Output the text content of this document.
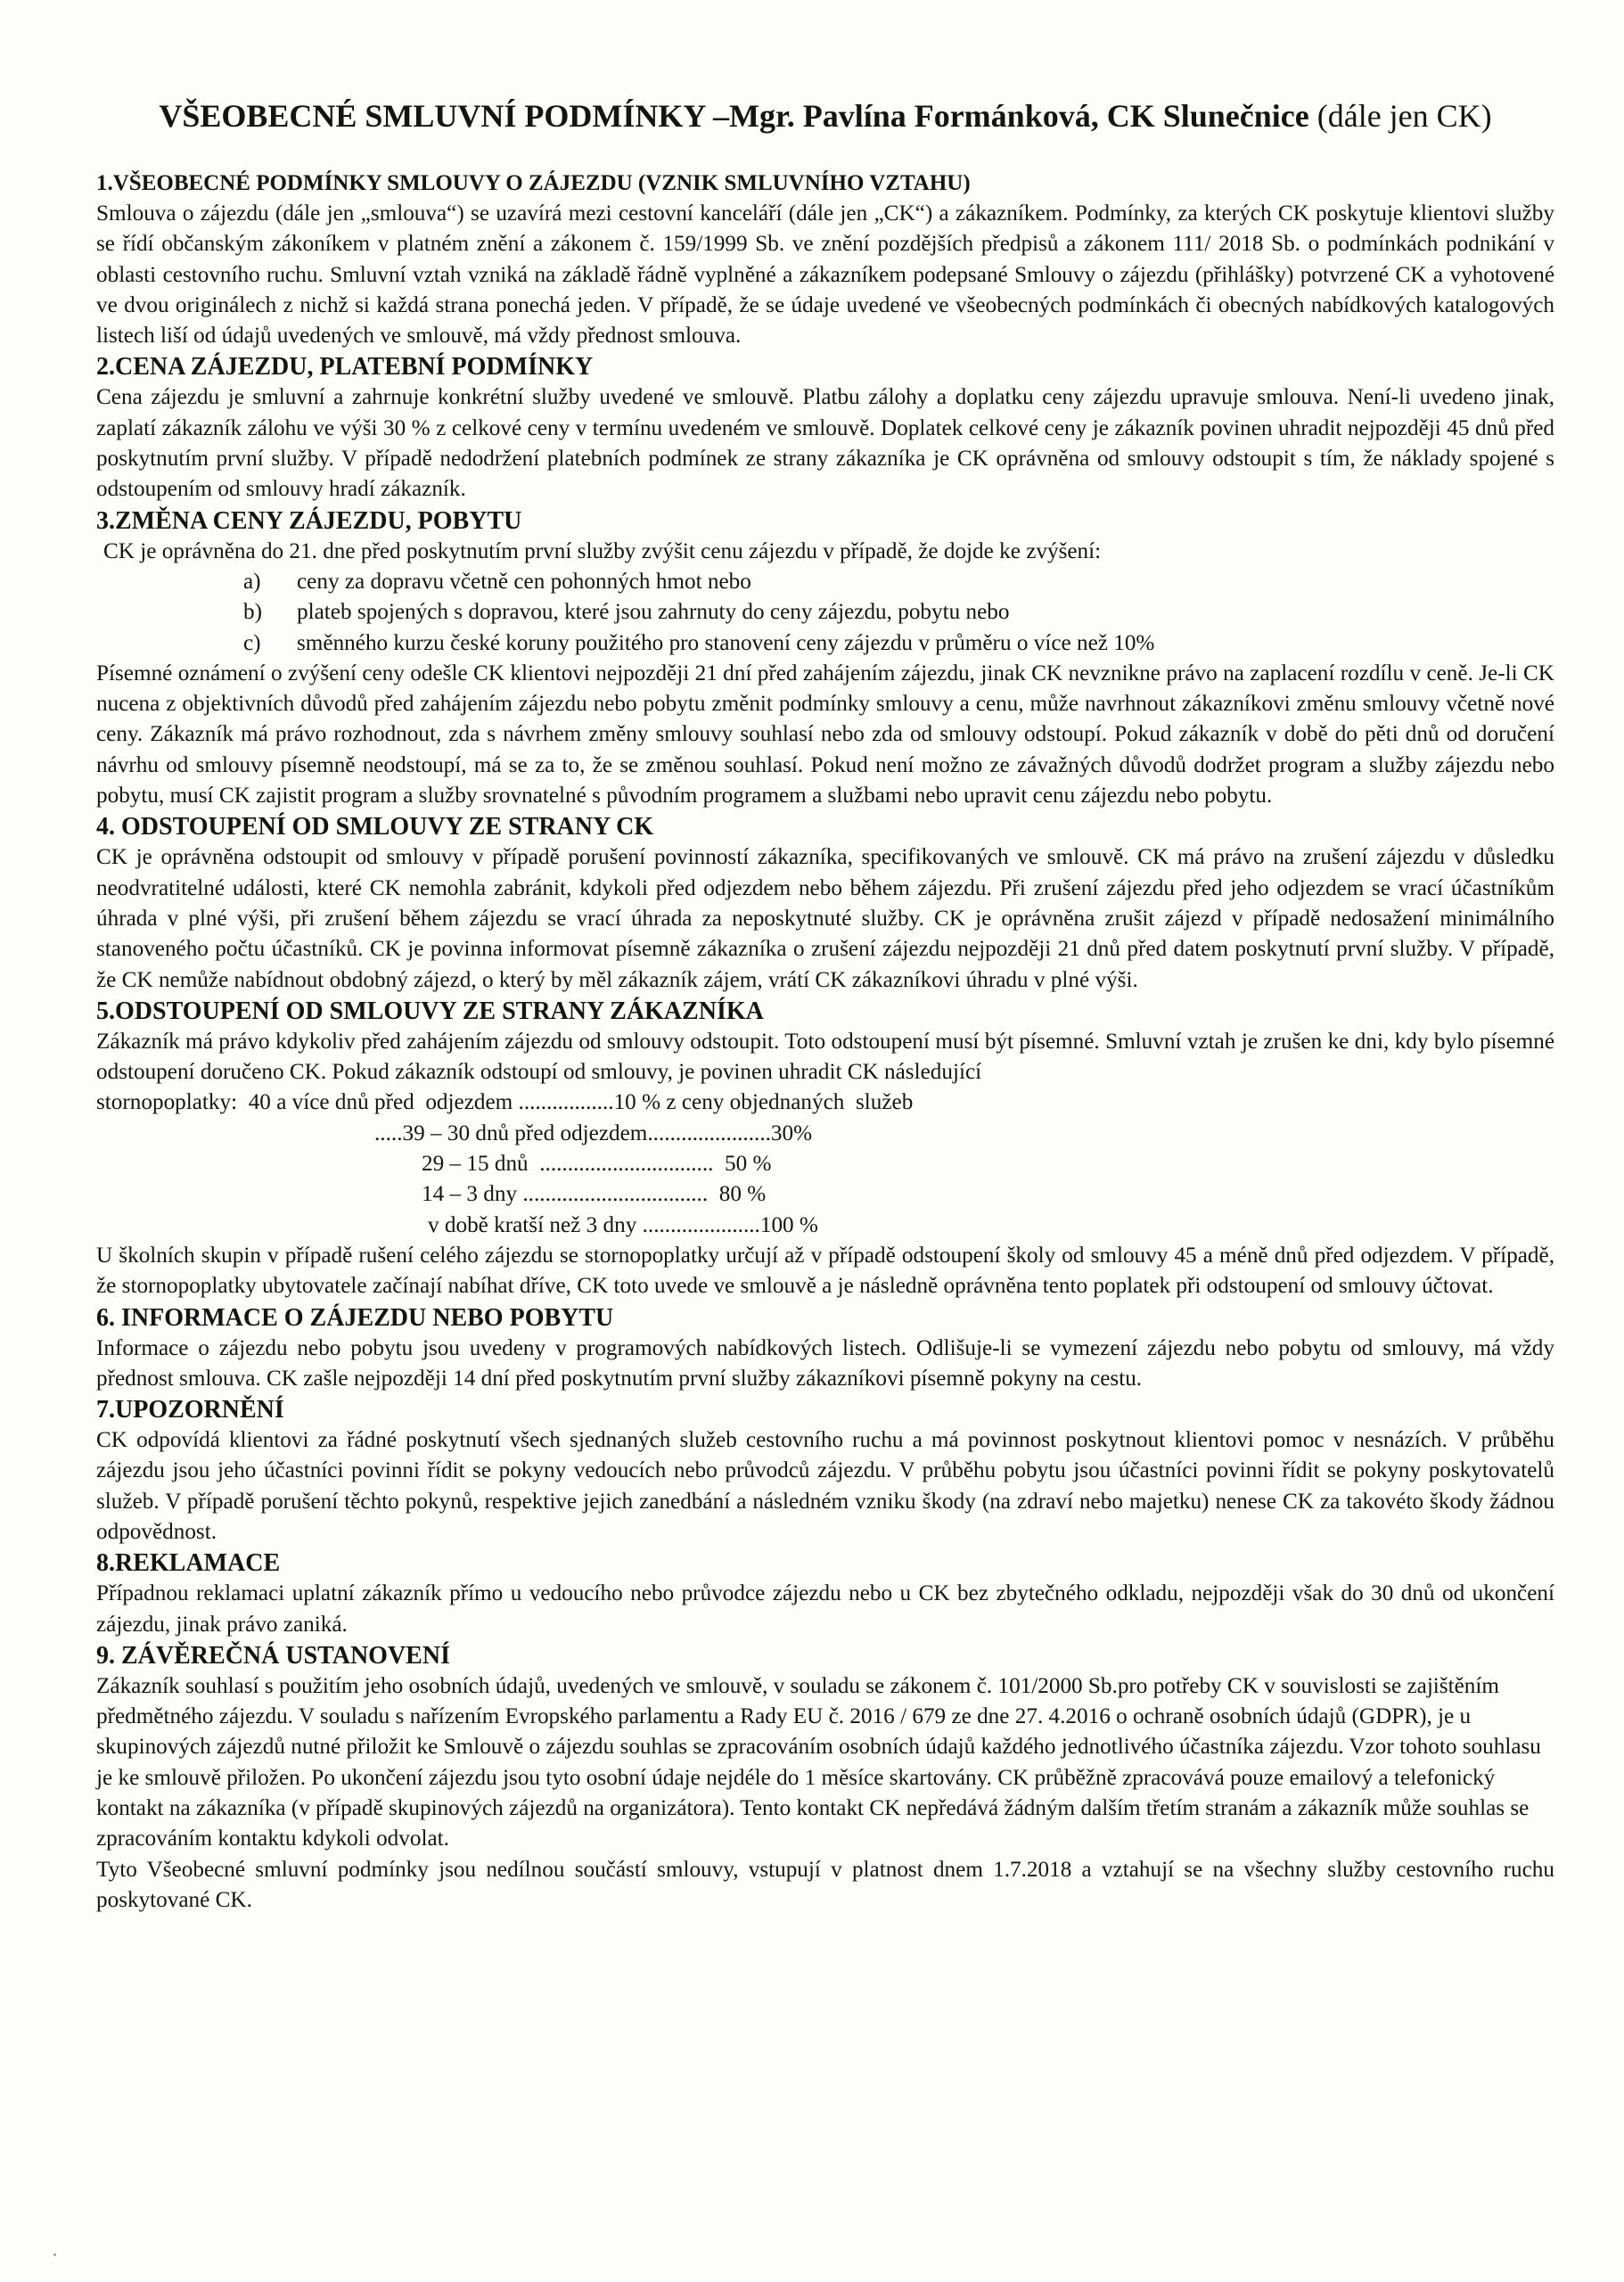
VŠEOBECNÉ SMLUVNÍ PODMÍNKY –Mgr. Pavlína Formánková, CK Slunečnice (dále jen CK)
1.VŠEOBECNÉ PODMÍNKY SMLOUVY O ZÁJEZDU (VZNIK SMLUVNÍHO VZTAHU)

Smlouva o zájezdu (dále jen „smlouva“) se uzavírá mezi cestovní kanceláří (dále jen „CK“) a zákazníkem. Podmínky, za kterých CK poskytuje klientovi služby se řídí občanským zákoníkem v platném znění a zákonem č. 159/1999 Sb. ve znění pozdějších předpisů a zákonem 111/ 2018 Sb. o podmínkách podnikání v oblasti cestovního ruchu. Smluvní vztah vzniká na základě řádně vyplněné a zákazníkem podepsané Smlouvy o zájezdu (přihlášky) potvrzené CK a vyhotovené ve dvou originálech z nichž si každá strana ponechá jeden. V případě, že se údaje uvedené ve všeobecných podmínkách či obecných nabídkových katalogových listech liší od údajů uvedených ve smlouvě, má vždy přednost smlouva.

2.CENA ZÁJEZDU, PLATEBNÍ PODMÍNKY

Cena zájezdu je smluvní a zahrnuje konkrétní služby uvedené ve smlouvě. Platbu zálohy a doplatku ceny zájezdu upravuje smlouva. Není-li uvedeno jinak, zaplatí zákazník zálohu ve výši 30 % z celkové ceny v termínu uvedeném ve smlouvě. Doplatek celkové ceny je zákazník povinen uhradit nejpozději 45 dnů před poskytnutím první služby. V případě nedodržení platebních podmínek ze strany zákazníka je CK oprávněna od smlouvy odstoupit s tím, že náklady spojené s odstoupením od smlouvy hradí zákazník.

3.ZMĚNA CENY ZÁJEZDU, POBYTU

CK je oprávněna do 21. dne před poskytnutím první služby zvýšit cenu zájezdu v případě, že dojde ke zvýšení:

a)	ceny za dopravu včetně cen pohonných hmot nebo
b)	plateb spojených s dopravou, které jsou zahrnuty do ceny zájezdu, pobytu nebo
c)	směnného kurzu české koruny použitého pro stanovení ceny zájezdu v průměru o více než 10%

Písemné oznámení o zvýšení ceny odešle CK klientovi nejpozději 21 dní před zahájením zájezdu, jinak CK nevznikne právo na zaplacení rozdílu v ceně. Je-li CK nucena z objektivních důvodů před zahájením zájezdu nebo pobytu změnit podmínky smlouvy a cenu, může navrhnout zákazníkovi změnu smlouvy včetně nové ceny. Zákazník má právo rozhodnout, zda s návrhem změny smlouvy souhlasí nebo zda od smlouvy odstoupí. Pokud zákazník v době do pěti dnů od doručení návrhu od smlouvy písemně neodstoupí, má se za to, že se změnou souhlasí. Pokud není možno ze závažných důvodů dodržet program a služby zájezdu nebo pobytu, musí CK zajistit program a služby srovnatelné s původním programem a službami nebo upravit cenu zájezdu nebo pobytu.

4. ODSTOUPENÍ OD SMLOUVY ZE STRANY CK

CK je oprávněna odstoupit od smlouvy v případě porušení povinností zákazníka, specifikovaných ve smlouvě. CK má právo na zrušení zájezdu v důsledku neodvratitelné události, které CK nemohla zabránit, kdykoli před odjezdem nebo během zájezdu. Při zrušení zájezdu před jeho odjezdem se vrací účastníkům úhrada v plné výši, při zrušení během zájezdu se vrací úhrada za neposkytnuté služby. CK je oprávněna zrušit zájezd v případě nedosažení minimálního stanoveného počtu účastníků. CK je povinna informovat písemně zákazníka o zrušení zájezdu nejpozději 21 dnů před datem poskytnutí první služby. V případě, že CK nemůže nabídnout obdobný zájezd, o který by měl zákazník zájem, vrátí CK zákazníkovi úhradu v plné výši.

5.ODSTOUPENÍ OD SMLOUVY ZE STRANY ZÁKAZNÍKA

Zákazník má právo kdykoliv před zahájením zájezdu od smlouvy odstoupit. Toto odstoupení musí být písemné. Smluvní vztah je zrušen ke dni, kdy bylo písemné odstoupení doručeno CK. Pokud zákazník odstoupí od smlouvy, je povinen uhradit CK následující

stornopoplatky:  40 a více dnů před  odjezdem .................10 % z ceny objednaných  služeb
.....39 – 30 dnů před odjezdem......................30%
29 – 15 dnů  ...............................  50 %
14 – 3 dny .................................  80 %
v době kratší než 3 dny .....................100 %

U školních skupin v případě rušení celého zájezdu se stornopoplatky určují až v případě odstoupení školy od smlouvy 45 a méně dnů před odjezdem. V případě, že stornopoplatky ubytovatele začínají nabíhat dříve, CK toto uvede ve smlouvě a je následně oprávněna tento poplatek při odstoupení od smlouvy účtovat.

6. INFORMACE O ZÁJEZDU NEBO POBYTU

Informace o zájezdu nebo pobytu jsou uvedeny v programových nabídkových listech. Odlišuje-li se vymezení zájezdu nebo pobytu od smlouvy, má vždy přednost smlouva. CK zašle nejpozději 14 dní před poskytnutím první služby zákazníkovi písemně pokyny na cestu.

7.UPOZORNĚNÍ

CK odpovídá klientovi za řádné poskytnutí všech sjednaných služeb cestovního ruchu a má povinnost poskytnout klientovi pomoc v nesnázích. V průběhu zájezdu jsou jeho účastníci povinni řídit se pokyny vedoucích nebo průvodců zájezdu. V průběhu pobytu jsou účastníci povinni řídit se pokyny poskytovatelů služeb. V případě porušení těchto pokynů, respektive jejich zanedbání a následném vzniku škody (na zdraví nebo majetku) nenese CK za takovéto škody žádnou odpovědnost.

8.REKLAMACE

Případnou reklamaci uplatní zákazník přímo u vedoucího nebo průvodce zájezdu nebo u CK bez zbytečného odkladu, nejpozději však do 30 dnů od ukončení zájezdu, jinak právo zaniká.

9. ZÁVĚREČNÁ USTANOVENÍ

Zákazník souhlasí s použitím jeho osobních údajů, uvedených ve smlouvě, v souladu se zákonem č. 101/2000 Sb.pro potřeby CK v souvislosti se zajištěním předmětného zájezdu. V souladu s nařízením Evropského parlamentu a Rady EU č. 2016 / 679 ze dne 27. 4.2016 o ochraně osobních údajů (GDPR), je u skupinových zájezdů nutné přiložit ke Smlouvě o zájezdu souhlas se zpracováním osobních údajů každého jednotlivého účastníka zájezdu. Vzor tohoto souhlasu je ke smlouvě přiložen. Po ukončení zájezdu jsou tyto osobní údaje nejdéle do 1 měsíce skartovány. CK průběžně zpracovává pouze emailový a telefonický kontakt na zákazníka (v případě skupinových zájezdů na organizátora). Tento kontakt CK nepředává žádným dalším třetím stranám a zákazník může souhlas se zpracováním kontaktu kdykoli odvolat.

Tyto Všeobecné smluvní podmínky jsou nedílnou součástí smlouvy, vstupují v platnost dnem 1.7.2018 a vztahují se na všechny služby cestovního ruchu poskytované CK.
